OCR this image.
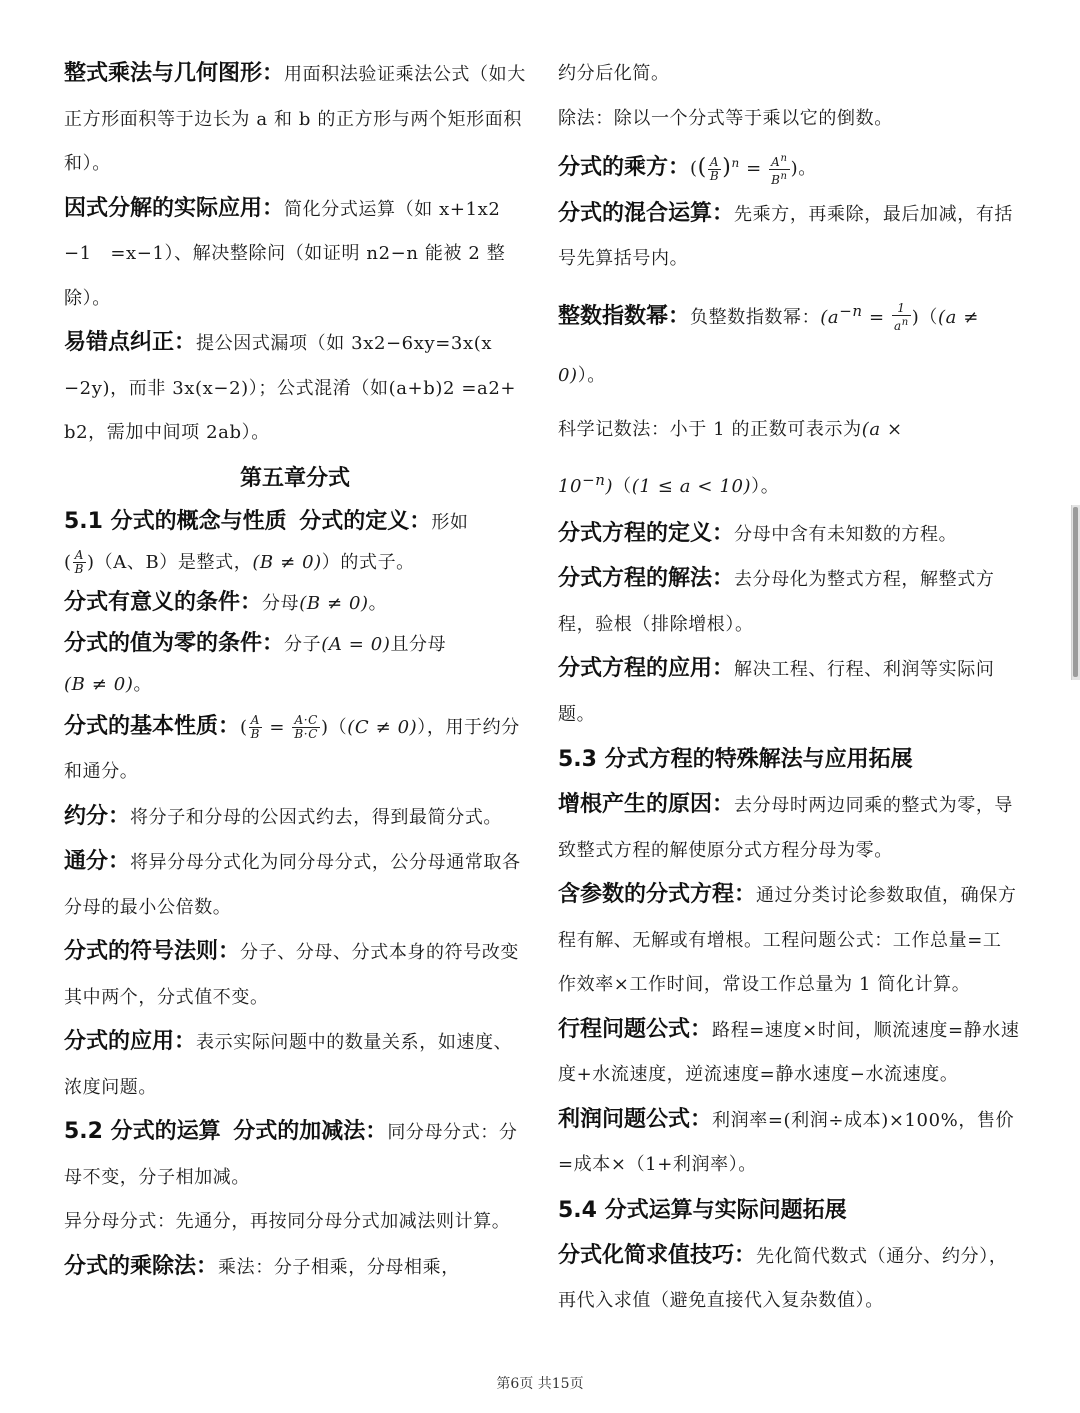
整式乘法与几何图形：用面积法验证乘法公式（如大正方形面积等于边长为 a 和 b 的正方形与两个矩形面积和）。

因式分解的实际应用：简化分式运算（如 x+1x2−1　=x−1）、解决整除问（如证明 n2−n 能被 2 整除）。

易错点纠正：提公因式漏项（如 3x2−6xy=3x(x −2y)，而非 3x(x−2)）；公式混淆（如(a+b)2 =a2+b2，需加中间项 2ab）。

第五章分式

5.1 分式的概念与性质 分式的定义：形如
( $\frac{A}{B} )(A$、B）是整式，(B ≠ 0)）的式子。

分式有意义的条件：分母(B ≠ 0)。

分式的值为零的条件：分子(A = 0)且分母
(B ≠ 0)。

分式的基本性质：( $\frac{A}{B} = \frac{A\cdot C}{B\cdot C} )((C \ne 0))$，用于约分和通分。

约分：将分子和分母的公因式约去，得到最简分式。

通分：将异分母分式化为同分母分式，公分母通常取各分母的最小公倍数。

分式的符号法则：分子、分母、分式本身的符号改变其中两个，分式值不变。

分式的应用：表示实际问题中的数量关系，如速度、浓度问题。

5.2 分式的运算 分式的加减法：同分母分式：分母不变，分子相加减。

异分母分式：先通分，再按同分母分式加减法则计算。

分式的乘除法：乘法：分子相乘，分母相乘，

约分后化简。

除法：除以一个分式等于乘以它的倒数。

分式的乘方：(( $\frac{A}{B} )^n = \frac{A^n}{B^n}$ )。

分式的混合运算：先乘方，再乘除，最后加减，有括号先算括号内。

整数指数幂：负整数指数幂：$(a^{-n} = \frac{1}{a^n} )((a$ ≠
0)）。

科学记数法：小于 1 的正数可表示为(a ×
$10^{-n})((1 \le a < 10))$。

分式方程的定义：分母中含有未知数的方程。

分式方程的解法：去分母化为整式方程，解整式方程，验根（排除增根）。

分式方程的应用：解决工程、行程、利润等实际问题。

5.3 分式方程的特殊解法与应用拓展

增根产生的原因：去分母时两边同乘的整式为零，导致整式方程的解使原分式方程分母为零。

含参数的分式方程：通过分类讨论参数取值，确保方程有解、无解或有增根。工程问题公式：工作总量=工作效率×工作时间，常设工作总量为 1 简化计算。

行程问题公式：路程=速度×时间，顺流速度=静水速度+水流速度，逆流速度=静水速度−水流速度。

利润问题公式：利润率=(利润÷成本)×100%，售价=成本×（1+利润率）。

5.4 分式运算与实际问题拓展

分式化简求值技巧：先化简代数式（通分、约分），再代入求值（避免直接代入复杂数值）。

第6页 共15页
